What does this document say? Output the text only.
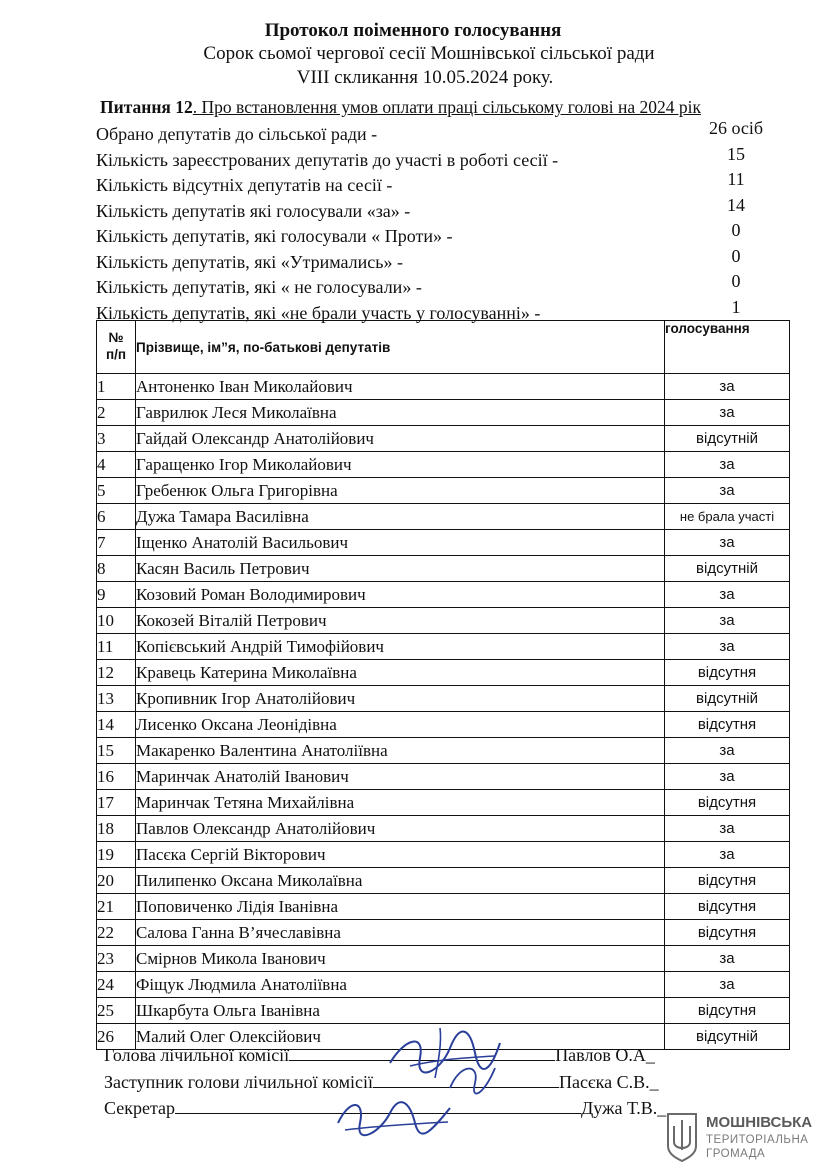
Протокол поіменного голосування
Сорок сьомої чергової сесії Мошнівської сільської ради
VIII скликання 10.05.2024 року.
Питання 12. Про встановлення умов оплати праці сільському голові на 2024 рік
Обрано депутатів до сільської ради -	26 осіб
Кількість зареєстрованих депутатів до участі в роботі сесії -	15
Кількість відсутніх депутатів на сесії -	11
Кількість депутатів які голосували «за» -	14
Кількість депутатів, які голосували « Проти» -	0
Кількість депутатів, які «Утримались» -	0
Кількість депутатів, які « не голосували» -	0
Кількість депутатів, які «не брали участь у голосуванні» -	1
№
п/п	Прізвище, ім”я, по-батькові депутатів	голосування
1	Антоненко Іван Миколайович	за
2	Гаврилюк Леся Миколаївна	за
3	Гайдай Олександр Анатолійович	відсутній
4	Гаращенко Ігор Миколайович	за
5	Гребенюк Ольга Григорівна	за
6	Дужа Тамара Василівна	не брала участі
7	Іщенко Анатолій Васильович	за
8	Касян Василь Петрович	відсутній
9	Козовий Роман Володимирович	за
10	Кокозей Віталій Петрович	за
11	Копієвський Андрій Тимофійович	за
12	Кравець Катерина Миколаївна	відсутня
13	Кропивник Ігор Анатолійович	відсутній
14	Лисенко Оксана Леонідівна	відсутня
15	Макаренко Валентина Анатоліївна	за
16	Маринчак Анатолій Іванович	за
17	Маринчак Тетяна Михайлівна	відсутня
18	Павлов Олександр Анатолійович	за
19	Пасєка Сергій Вікторович	за
20	Пилипенко Оксана Миколаївна	відсутня
21	Поповиченко Лідія Іванівна	відсутня
22	Салова Ганна В’ячеславівна	відсутня
23	Смірнов Микола Іванович	за
24	Фіщук Людмила Анатоліївна	за
25	Шкарбута Ольга Іванівна	відсутня
26	Малий Олег Олексійович	відсутній
Голова лічильної комісії	Павлов О.А_
Заступник голови лічильної комісії	Пасєка С.В._
Секретар	Дужа Т.В._
МОШНІВСЬКА
ТЕРИТОРІАЛЬНА
ГРОМАДА
